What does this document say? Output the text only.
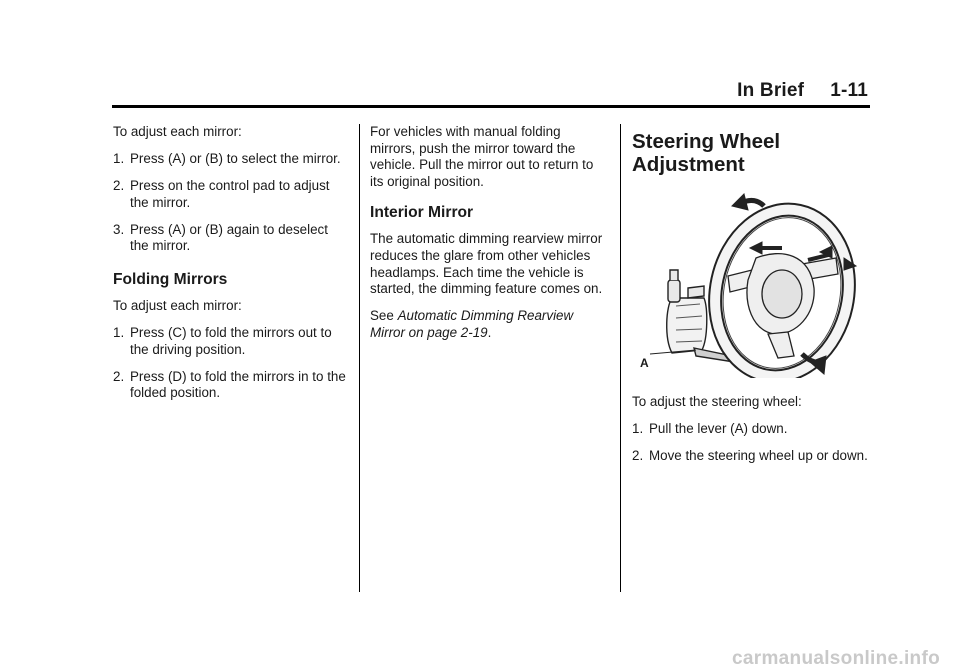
In Brief 1-11

To adjust each mirror:

1. Press (A) or (B) to select the mirror.
2. Press on the control pad to adjust the mirror.
3. Press (A) or (B) again to deselect the mirror.
Folding Mirrors

To adjust each mirror:

1. Press (C) to fold the mirrors out to the driving position.
2. Press (D) to fold the mirrors in to the folded position.

For vehicles with manual folding mirrors, push the mirror toward the vehicle. Pull the mirror out to return to its original position.

Interior Mirror

The automatic dimming rearview mirror reduces the glare from other vehicles headlamps. Each time the vehicle is started, the dimming feature comes on.

See Automatic Dimming Rearview Mirror on page 2-19.

Steering Wheel
Adjustment
A

To adjust the steering wheel:

1. Pull the lever (A) down.
2. Move the steering wheel up or down.
carmanualsonline.info
